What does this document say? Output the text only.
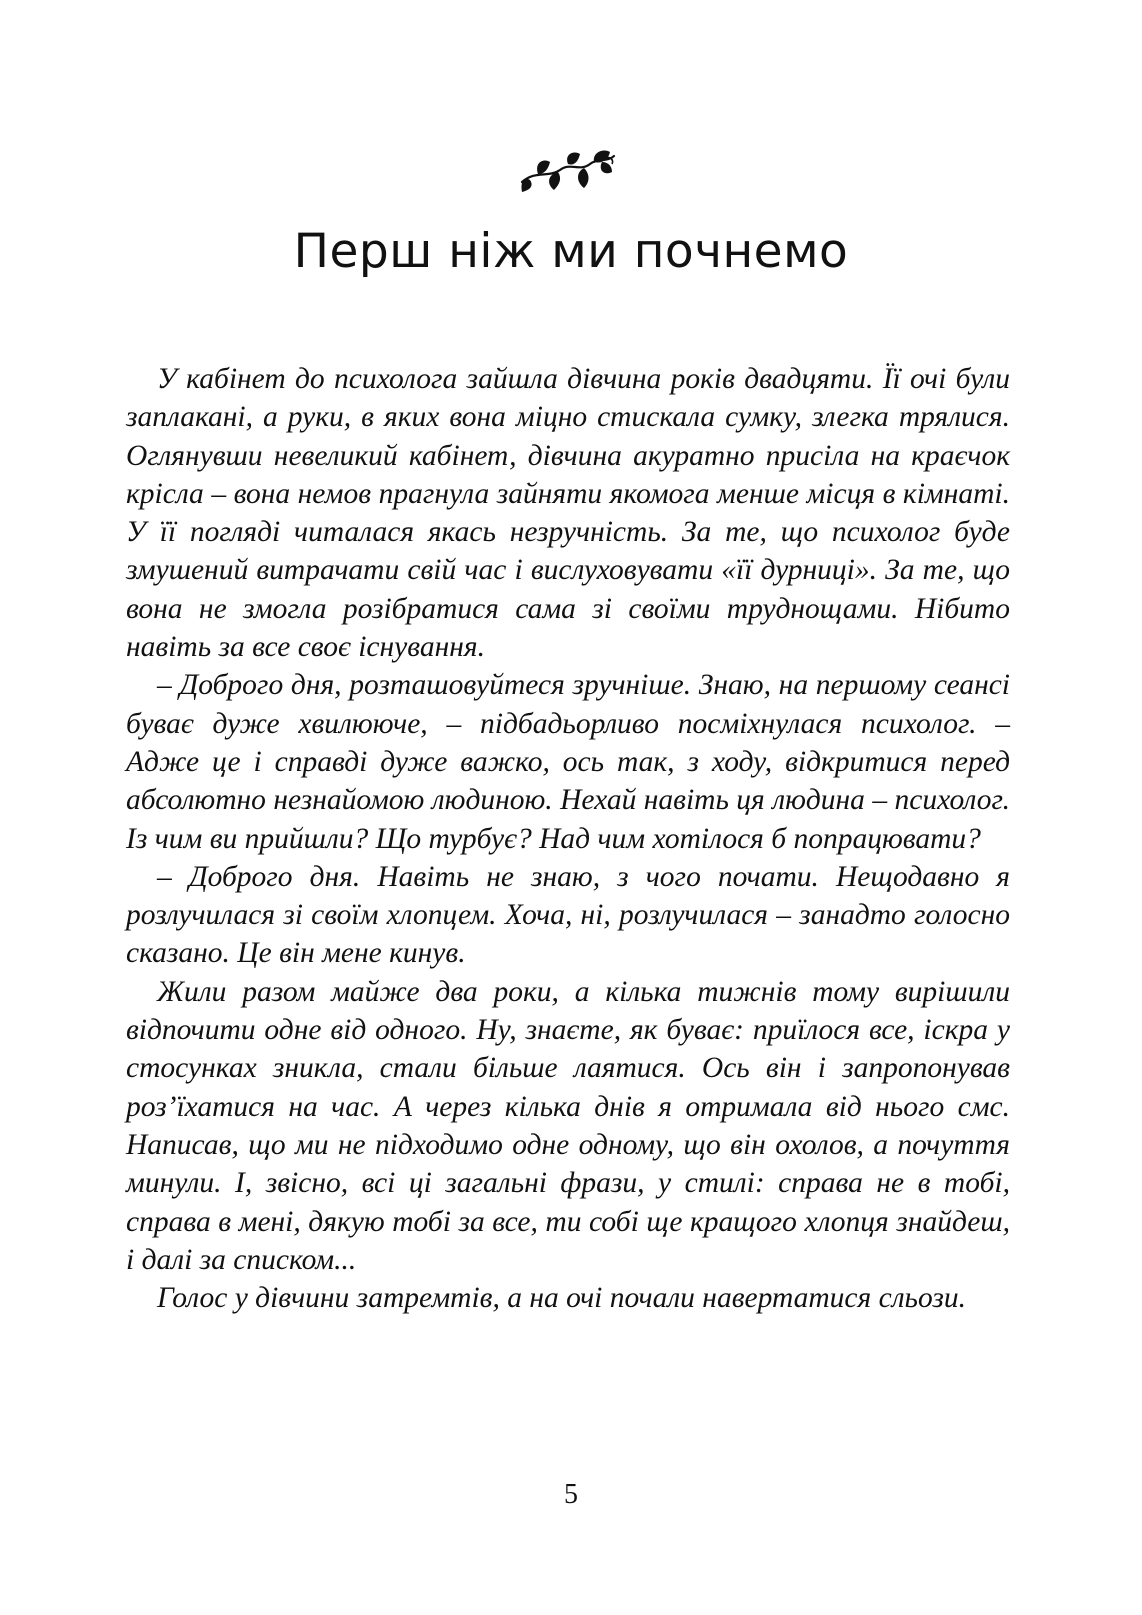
Перш ніж ми почнемо

У кабінет до психолога зайшла дівчина років двадцяти. Її очі були заплакані, а руки, в яких вона міцно стискала сумку, злегка трялися. Оглянувши невеликий кабінет, дівчина акуратно присіла на краєчок крісла – вона немов прагнула зайняти якомога менше місця в кімнаті. У її погляді читалася якась незручність. За те, що психолог буде змушений витрачати свій час і вислуховувати «її дурниці». За те, що вона не змогла розібратися сама зі своїми труднощами. Нібито навіть за все своє існування.

– Доброго дня, розташовуйтеся зручніше. Знаю, на першому сеансі буває дуже хвилююче, – підбадьорливо посміхнулася психолог. – Адже це і справді дуже важко, ось так, з ходу, відкритися перед абсолютно незнайомою людиною. Нехай навіть ця людина – психолог. Із чим ви прийшли? Що турбує? Над чим хотілося б попрацювати?

– Доброго дня. Навіть не знаю, з чого почати. Нещодавно я розлучилася зі своїм хлопцем. Хоча, ні, розлучилася – занадто голосно сказано. Це він мене кинув.

Жили разом майже два роки, а кілька тижнів тому вирішили відпочити одне від одного. Ну, знаєте, як буває: приїлося все, іскра у стосунках зникла, стали більше лаятися. Ось він і запропонував роз’їхатися на час. А через кілька днів я отримала від нього смс. Написав, що ми не підходимо одне одному, що він охолов, а почуття минули. І, звісно, всі ці загальні фрази, у стилі: справа не в тобі, справа в мені, дякую тобі за все, ти собі ще кращого хлопця знайдеш, і далі за списком...

Голос у дівчини затремтів, а на очі почали навертатися сльози.

5
